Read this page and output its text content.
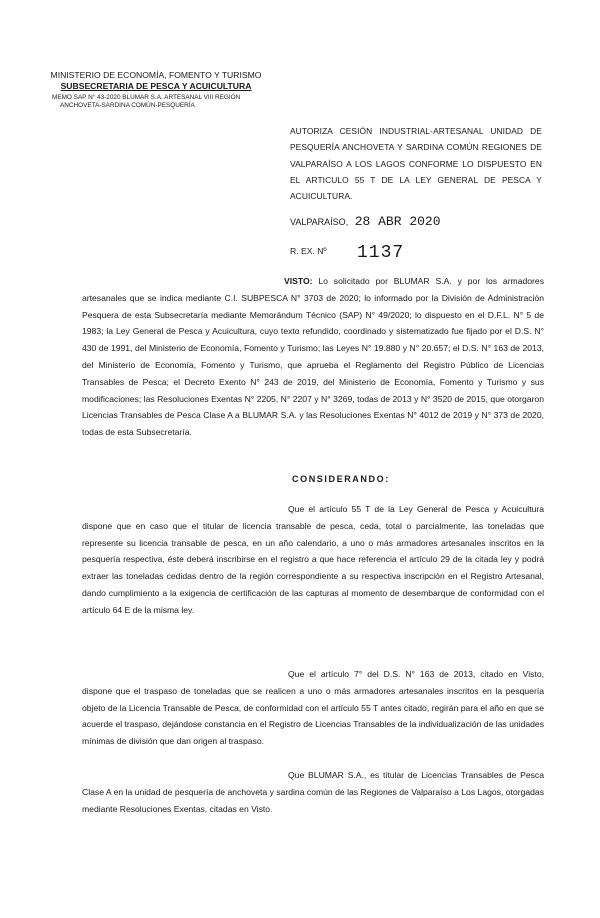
MINISTERIO DE ECONOMÍA, FOMENTO Y TURISMO
SUBSECRETARIA DE PESCA Y ACUICULTURA
MEMO SAP N° 43-2020 BLUMAR S.A. ARTESANAL VIII REGIÓN
ANCHOVETA-SARDINA COMÚN-PESQUERÍA
AUTORIZA CESIÓN INDUSTRIAL-ARTESANAL UNIDAD DE PESQUERÍA ANCHOVETA Y SARDINA COMÚN REGIONES DE VALPARAÍSO A LOS LAGOS CONFORME LO DISPUESTO EN EL ARTICULO 55 T DE LA LEY GENERAL DE PESCA Y ACUICULTURA.
VALPARAÍSO, 28 ABR 2020
R. EX. Nº 1137
VISTO: Lo solicitado por BLUMAR S.A. y por los armadores artesanales que se indica mediante C.I. SUBPESCA N° 3703 de 2020; lo informado por la División de Administración Pesquera de esta Subsecretaría mediante Memorándum Técnico (SAP) N° 49/2020; lo dispuesto en el D.F.L. N° 5 de 1983; la Ley General de Pesca y Acuicultura, cuyo texto refundido, coordinado y sistematizado fue fijado por el D.S. N° 430 de 1991, del Ministerio de Economía, Fomento y Turismo; las Leyes N° 19.880 y N° 20.657; el D.S. N° 163 de 2013, del Ministerio de Economía, Fomento y Turismo, que aprueba el Reglamento del Registro Público de Licencias Transables de Pesca; el Decreto Exento N° 243 de 2019, del Ministerio de Economía, Fomento y Turismo y sus modificaciones; las Resoluciones Exentas N° 2205, N° 2207 y N° 3269, todas de 2013 y N° 3520 de 2015, que otorgaron Licencias Transables de Pesca Clase A a BLUMAR S.A. y las Resoluciones Exentas N° 4012 de 2019 y N° 373 de 2020, todas de esta Subsecretaría.
CONSIDERANDO:
Que el artículo 55 T de la Ley General de Pesca y Acuicultura dispone que en caso que el titular de licencia transable de pesca, ceda, total o parcialmente, las toneladas que represente su licencia transable de pesca, en un año calendario, a uno o más armadores artesanales inscritos en la pesquería respectiva, éste deberá inscribirse en el registro a que hace referencia el artículo 29 de la citada ley y podrá extraer las toneladas cedidas dentro de la región correspondiente a su respectiva inscripción en el Registro Artesanal, dando cumplimiento a la exigencia de certificación de las capturas al momento de desembarque de conformidad con el artículo 64 E de la misma ley.
Que el artículo 7° del D.S. N° 163 de 2013, citado en Visto, dispone que el traspaso de toneladas que se realicen a uno o más armadores artesanales inscritos en la pesquería objeto de la Licencia Transable de Pesca, de conformidad con el artículo 55 T antes citado, regirán para el año en que se acuerde el traspaso, dejándose constancia en el Registro de Licencias Transables de la individualización de las unidades mínimas de división que dan origen al traspaso.
Que BLUMAR S.A., es titular de Licencias Transables de Pesca Clase A en la unidad de pesquería de anchoveta y sardina común de las Regiones de Valparaíso a Los Lagos, otorgadas mediante Resoluciones Exentas, citadas en Visto.
